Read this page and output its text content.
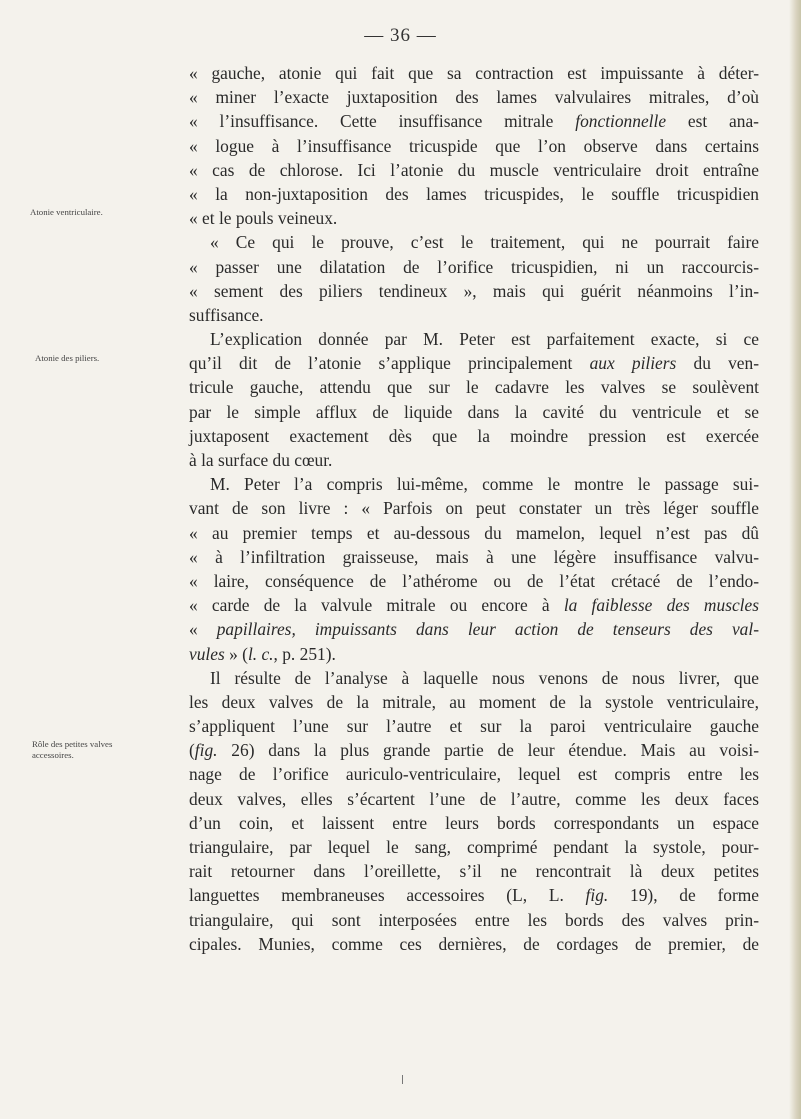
— 36 —
Atonie ventriculaire.
Atonie des piliers.
Rôle des petites valves accessoires.
« gauche, atonie qui fait que sa contraction est impuissante à déter-
« miner l’exacte juxtaposition des lames valvulaires mitrales, d’où
« l’insuffisance. Cette insuffisance mitrale fonctionnelle est ana-
« logue à l’insuffisance tricuspide que l’on observe dans certains
« cas de chlorose. Ici l’atonie du muscle ventriculaire droit entraîne
« la non-juxtaposition des lames tricuspides, le souffle tricuspidien
« et le pouls veineux.
« Ce qui le prouve, c’est le traitement, qui ne pourrait faire
« passer une dilatation de l’orifice tricuspidien, ni un raccourcis-
« sement des piliers tendineux », mais qui guérit néanmoins l’in-
suffisance.
L’explication donnée par M. Peter est parfaitement exacte, si ce
qu’il dit de l’atonie s’applique principalement aux piliers du ven-
tricule gauche, attendu que sur le cadavre les valves se soulèvent
par le simple afflux de liquide dans la cavité du ventricule et se
juxtaposent exactement dès que la moindre pression est exercée
à la surface du cœur.
M. Peter l’a compris lui-même, comme le montre le passage sui-
vant de son livre : « Parfois on peut constater un très léger souffle
« au premier temps et au-dessous du mamelon, lequel n’est pas dû
« à l’infiltration graisseuse, mais à une légère insuffisance valvu-
« laire, conséquence de l’athérome ou de l’état crétacé de l’endo-
« carde de la valvule mitrale ou encore à la faiblesse des muscles
« papillaires, impuissants dans leur action de tenseurs des val-
vules » (l. c., p. 251).
Il résulte de l’analyse à laquelle nous venons de nous livrer, que
les deux valves de la mitrale, au moment de la systole ventriculaire,
s’appliquent l’une sur l’autre et sur la paroi ventriculaire gauche
(fig. 26) dans la plus grande partie de leur étendue. Mais au voisi-
nage de l’orifice auriculo-ventriculaire, lequel est compris entre les
deux valves, elles s’écartent l’une de l’autre, comme les deux faces
d’un coin, et laissent entre leurs bords correspondants un espace
triangulaire, par lequel le sang, comprimé pendant la systole, pour-
rait retourner dans l’oreillette, s’il ne rencontrait là deux petites
languettes membraneuses accessoires (L, L. fig. 19), de forme
triangulaire, qui sont interposées entre les bords des valves prin-
cipales. Munies, comme ces dernières, de cordages de premier, de
